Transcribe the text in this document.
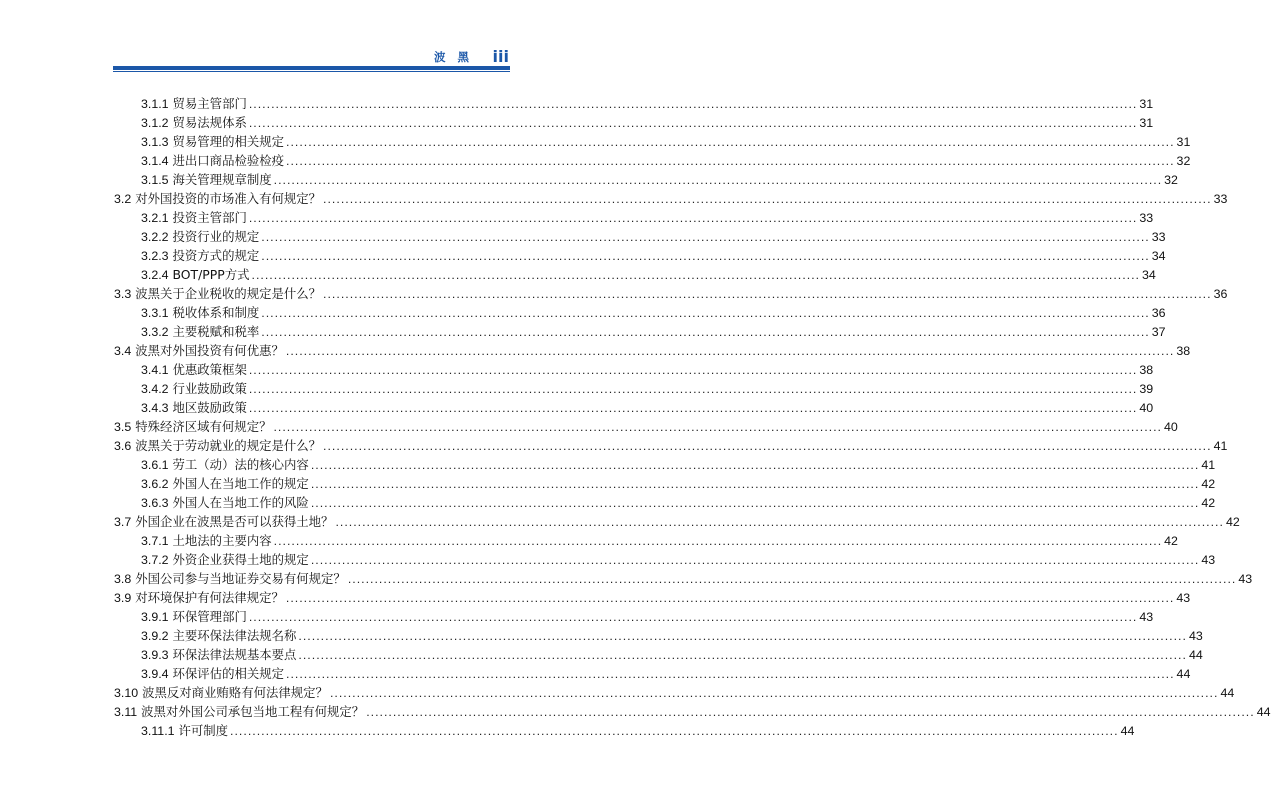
波 黑 iii
3.1.1 贸易主管部门 ........................................................................................................................................................................................................ 31
3.1.2 贸易法规体系 ........................................................................................................................................................................................................ 31
3.1.3 贸易管理的相关规定 ........................................................................................................................................................................................................ 31
3.1.4 进出口商品检验检疫 ........................................................................................................................................................................................................ 32
3.1.5 海关管理规章制度 ........................................................................................................................................................................................................ 32
3.2 对外国投资的市场准入有何规定？ ........................................................................................................................................................................................................ 33
3.2.1 投资主管部门 ........................................................................................................................................................................................................ 33
3.2.2 投资行业的规定 ........................................................................................................................................................................................................ 33
3.2.3 投资方式的规定 ........................................................................................................................................................................................................ 34
3.2.4 BOT/PPP方式 ........................................................................................................................................................................................................ 34
3.3 波黑关于企业税收的规定是什么？ ........................................................................................................................................................................................................ 36
3.3.1 税收体系和制度 ........................................................................................................................................................................................................ 36
3.3.2 主要税赋和税率 ........................................................................................................................................................................................................ 37
3.4 波黑对外国投资有何优惠？ ........................................................................................................................................................................................................ 38
3.4.1 优惠政策框架 ........................................................................................................................................................................................................ 38
3.4.2 行业鼓励政策 ........................................................................................................................................................................................................ 39
3.4.3 地区鼓励政策 ........................................................................................................................................................................................................ 40
3.5 特殊经济区域有何规定？ ........................................................................................................................................................................................................ 40
3.6 波黑关于劳动就业的规定是什么？ ........................................................................................................................................................................................................ 41
3.6.1 劳工（动）法的核心内容 ........................................................................................................................................................................................................ 41
3.6.2 外国人在当地工作的规定 ........................................................................................................................................................................................................ 42
3.6.3 外国人在当地工作的风险 ........................................................................................................................................................................................................ 42
3.7 外国企业在波黑是否可以获得土地？ ........................................................................................................................................................................................................ 42
3.7.1 土地法的主要内容 ........................................................................................................................................................................................................ 42
3.7.2 外资企业获得土地的规定 ........................................................................................................................................................................................................ 43
3.8 外国公司参与当地证券交易有何规定？ ........................................................................................................................................................................................................ 43
3.9 对环境保护有何法律规定？ ........................................................................................................................................................................................................ 43
3.9.1 环保管理部门 ........................................................................................................................................................................................................ 43
3.9.2 主要环保法律法规名称 ........................................................................................................................................................................................................ 43
3.9.3 环保法律法规基本要点 ........................................................................................................................................................................................................ 44
3.9.4 环保评估的相关规定 ........................................................................................................................................................................................................ 44
3.10 波黑反对商业贿赂有何法律规定？ ........................................................................................................................................................................................................ 44
3.11 波黑对外国公司承包当地工程有何规定？ ........................................................................................................................................................................................................ 44
3.11.1 许可制度 ........................................................................................................................................................................................................ 44
